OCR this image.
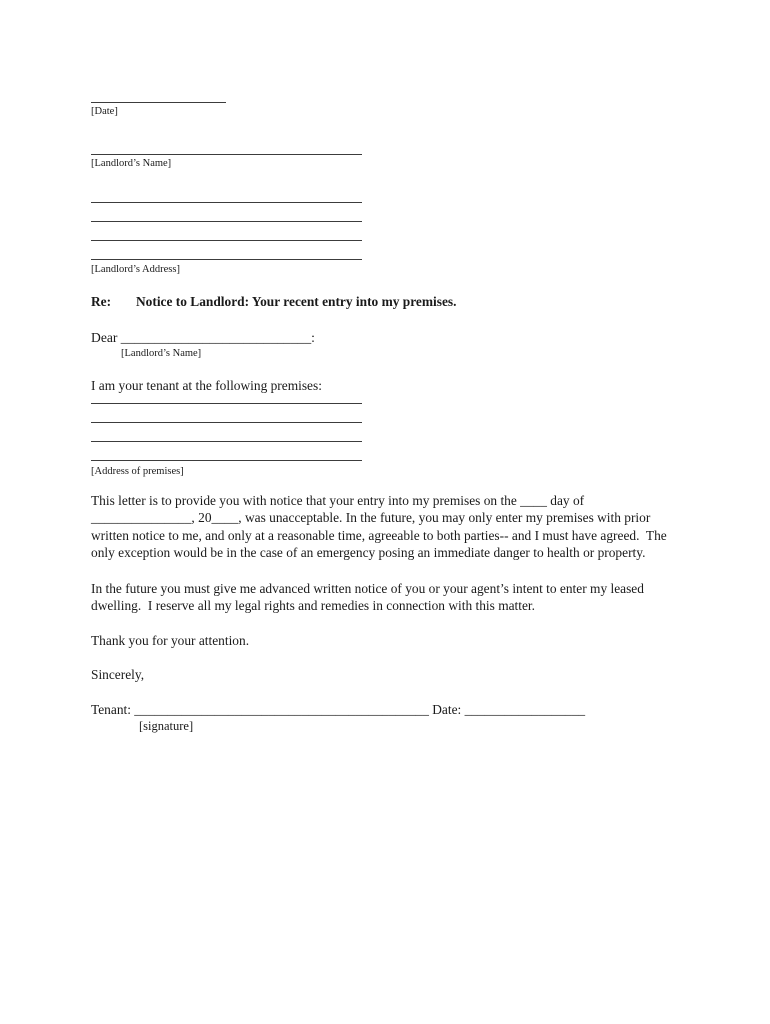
[Date]
[Landlord’s Name]
[Landlord’s Address]

Re: Notice to Landlord: Your recent entry into my premises.

Dear ____________________________:

[Landlord’s Name]

I am your tenant at the following premises:

[Address of premises]

This letter is to provide you with notice that your entry into my premises on the ____ day of _______________, 20____, was unacceptable. In the future, you may only enter my premises with prior written notice to me, and only at a reasonable time, agreeable to both parties-- and I must have agreed.  The only exception would be in the case of an emergency posing an immediate danger to health or property.

In the future you must give me advanced written notice of you or your agent’s intent to enter my leased dwelling.  I reserve all my legal rights and remedies in connection with this matter.

Thank you for your attention.

Sincerely,

Tenant: ____________________________________________ Date: __________________

[signature]
